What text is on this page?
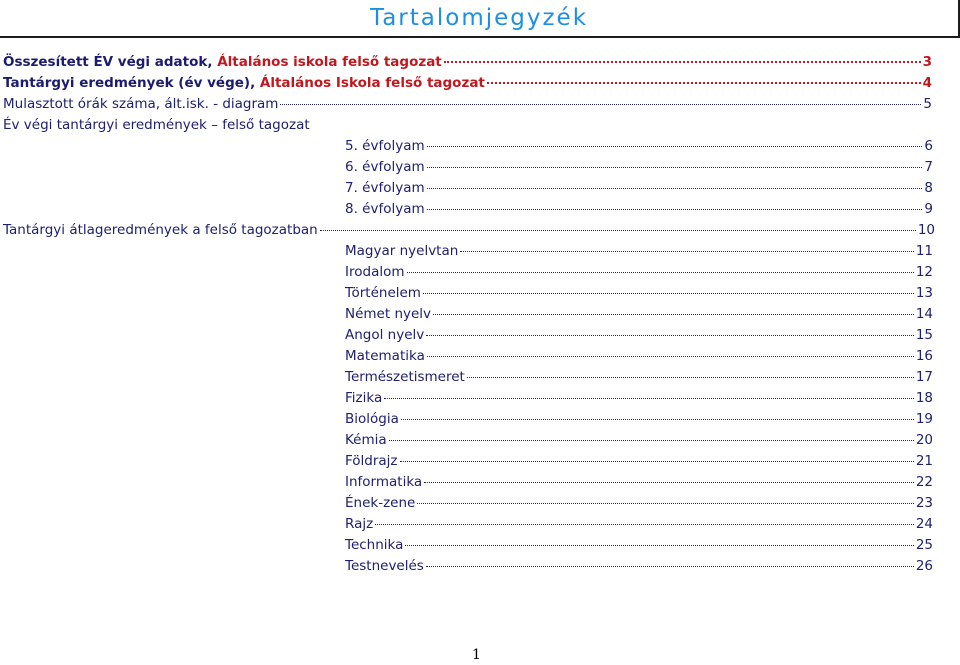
Tartalomjegyzék
Összesített ÉV végi adatok, Általános iskola felső tagozat	3
Tantárgyi eredmények (év vége), Általános Iskola felső tagozat	4
Mulasztott órák száma, ált.isk. - diagram	5
Év végi tantárgyi eredmények – felső tagozat
5. évfolyam	6
6. évfolyam	7
7. évfolyam	8
8. évfolyam	9
Tantárgyi átlageredmények a felső tagozatban	10
Magyar nyelvtan	11
Irodalom	12
Történelem	13
Német nyelv	14
Angol nyelv	15
Matematika	16
Természetismeret	17
Fizika	18
Biológia	19
Kémia	20
Földrajz	21
Informatika	22
Ének-zene	23
Rajz	24
Technika	25
Testnevelés	26
1
